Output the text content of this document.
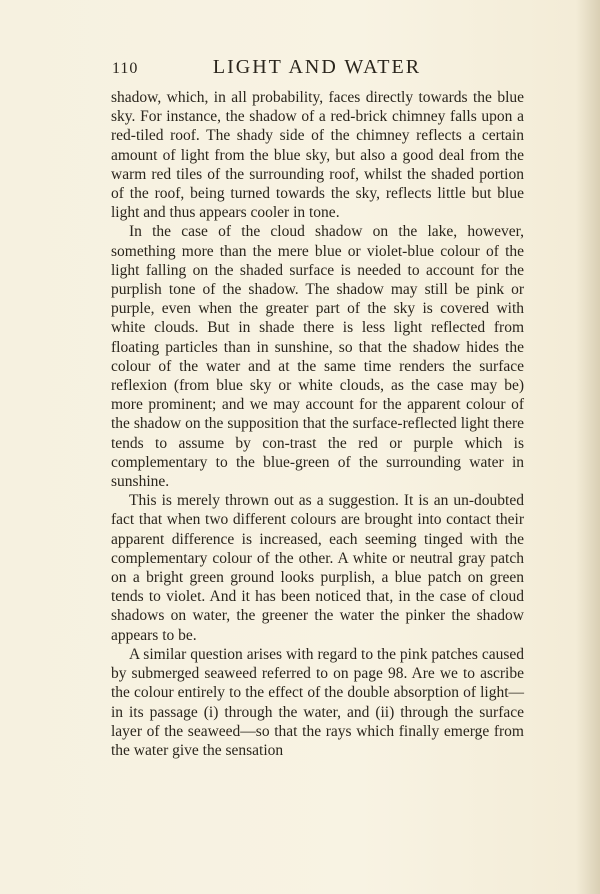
110	LIGHT AND WATER

shadow, which, in all probability, faces directly towards the blue sky. For instance, the shadow of a red-brick chimney falls upon a red-tiled roof. The shady side of the chimney reflects a certain amount of light from the blue sky, but also a good deal from the warm red tiles of the surrounding roof, whilst the shaded portion of the roof, being turned towards the sky, reflects little but blue light and thus appears cooler in tone.

In the case of the cloud shadow on the lake, however, something more than the mere blue or violet-blue colour of the light falling on the shaded surface is needed to account for the purplish tone of the shadow. The shadow may still be pink or purple, even when the greater part of the sky is covered with white clouds. But in shade there is less light reflected from floating particles than in sunshine, so that the shadow hides the colour of the water and at the same time renders the surface reflexion (from blue sky or white clouds, as the case may be) more prominent; and we may account for the apparent colour of the shadow on the supposition that the surface-reflected light there tends to assume by con-trast the red or purple which is complementary to the blue-green of the surrounding water in sunshine.

This is merely thrown out as a suggestion. It is an un-doubted fact that when two different colours are brought into contact their apparent difference is increased, each seeming tinged with the complementary colour of the other. A white or neutral gray patch on a bright green ground looks purplish, a blue patch on green tends to violet. And it has been noticed that, in the case of cloud shadows on water, the greener the water the pinker the shadow appears to be.

A similar question arises with regard to the pink patches caused by submerged seaweed referred to on page 98. Are we to ascribe the colour entirely to the effect of the double absorption of light—in its passage (i) through the water, and (ii) through the surface layer of the seaweed—so that the rays which finally emerge from the water give the sensation
